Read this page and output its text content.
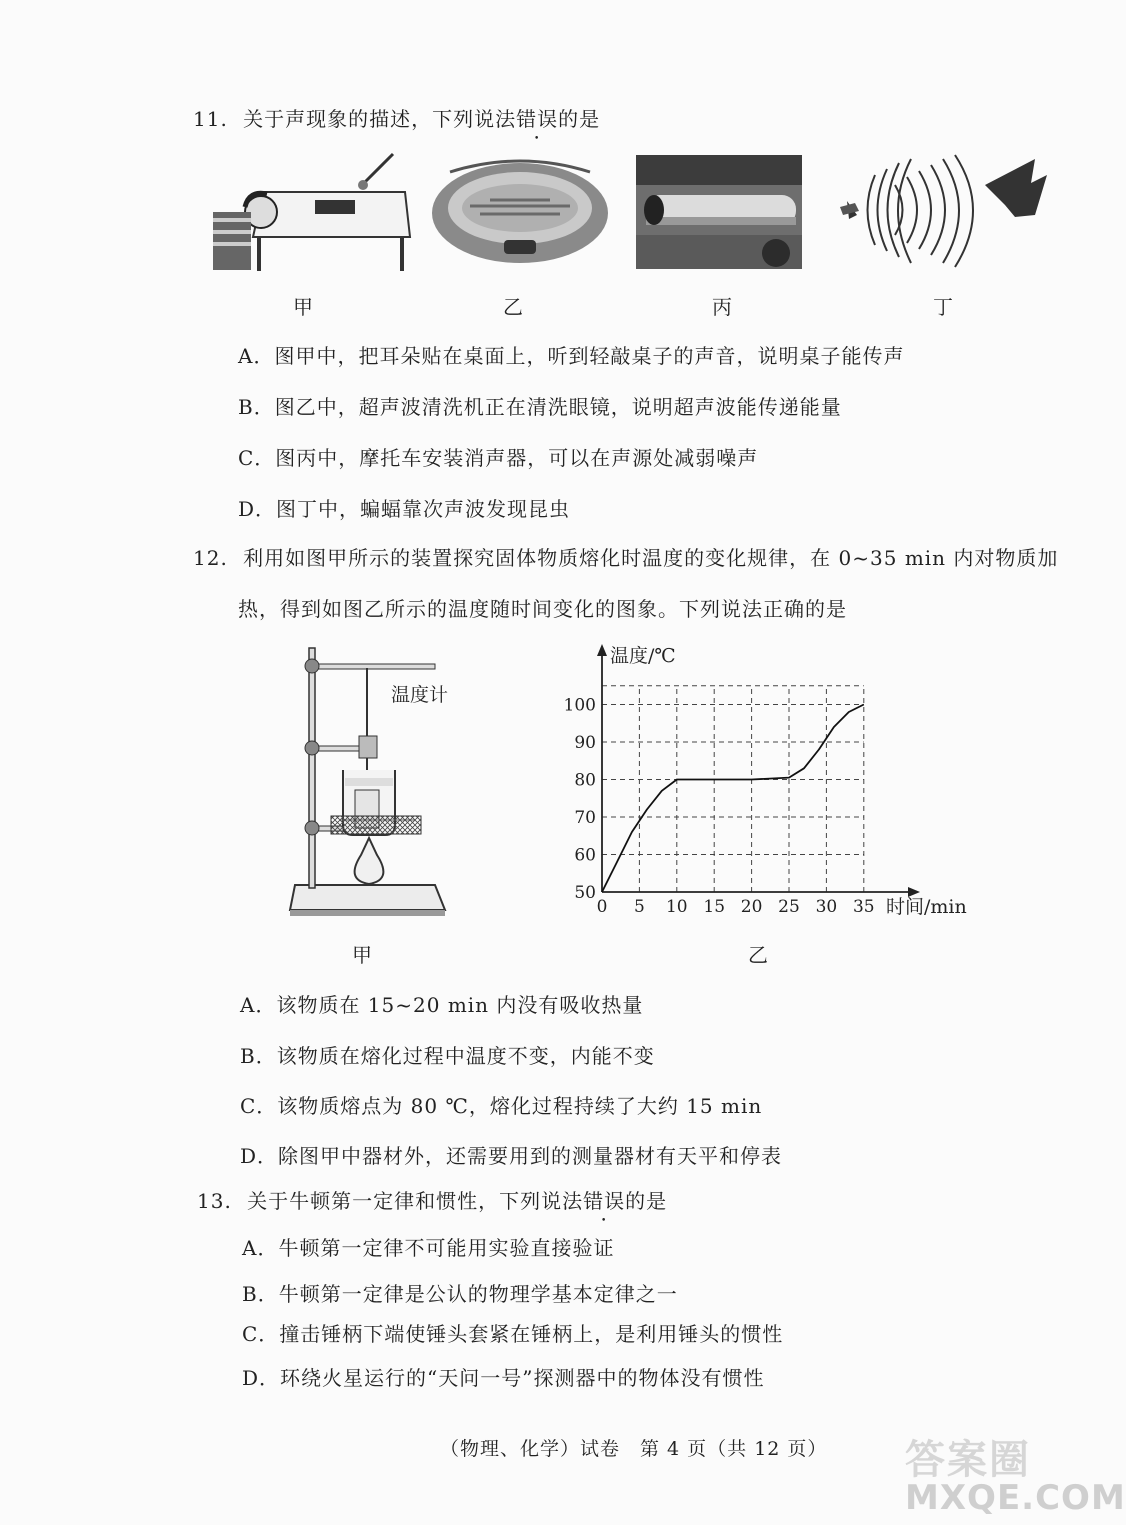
11. 关于声现象的描述，下列说法错误的是
甲	乙	丙	丁
A．图甲中，把耳朵贴在桌面上，听到轻敲桌子的声音，说明桌子能传声
B．图乙中，超声波清洗机正在清洗眼镜，说明超声波能传递能量
C．图丙中，摩托车安装消声器，可以在声源处减弱噪声
D．图丁中，蝙蝠靠次声波发现昆虫
12. 利用如图甲所示的装置探究固体物质熔化时温度的变化规律，在 0~35 min 内对物质加
热，得到如图乙所示的温度随时间变化的图象。下列说法正确的是
温度计
甲
0 5 10 15 20 25 30 35
50
60
70
80
90
100
温度/℃
时间/min
乙
A．该物质在 15~20 min 内没有吸收热量
B．该物质在熔化过程中温度不变，内能不变
C．该物质熔点为 80 ℃，熔化过程持续了大约 15 min
D．除图甲中器材外，还需要用到的测量器材有天平和停表
13. 关于牛顿第一定律和惯性，下列说法错误的是
A．牛顿第一定律不可能用实验直接验证
B．牛顿第一定律是公认的物理学基本定律之一
C．撞击锤柄下端使锤头套紧在锤柄上，是利用锤头的惯性
D．环绕火星运行的“天问一号”探测器中的物体没有惯性
（物理、化学）试卷　第 4 页（共 12 页） 答案圈
MXQE.COM
